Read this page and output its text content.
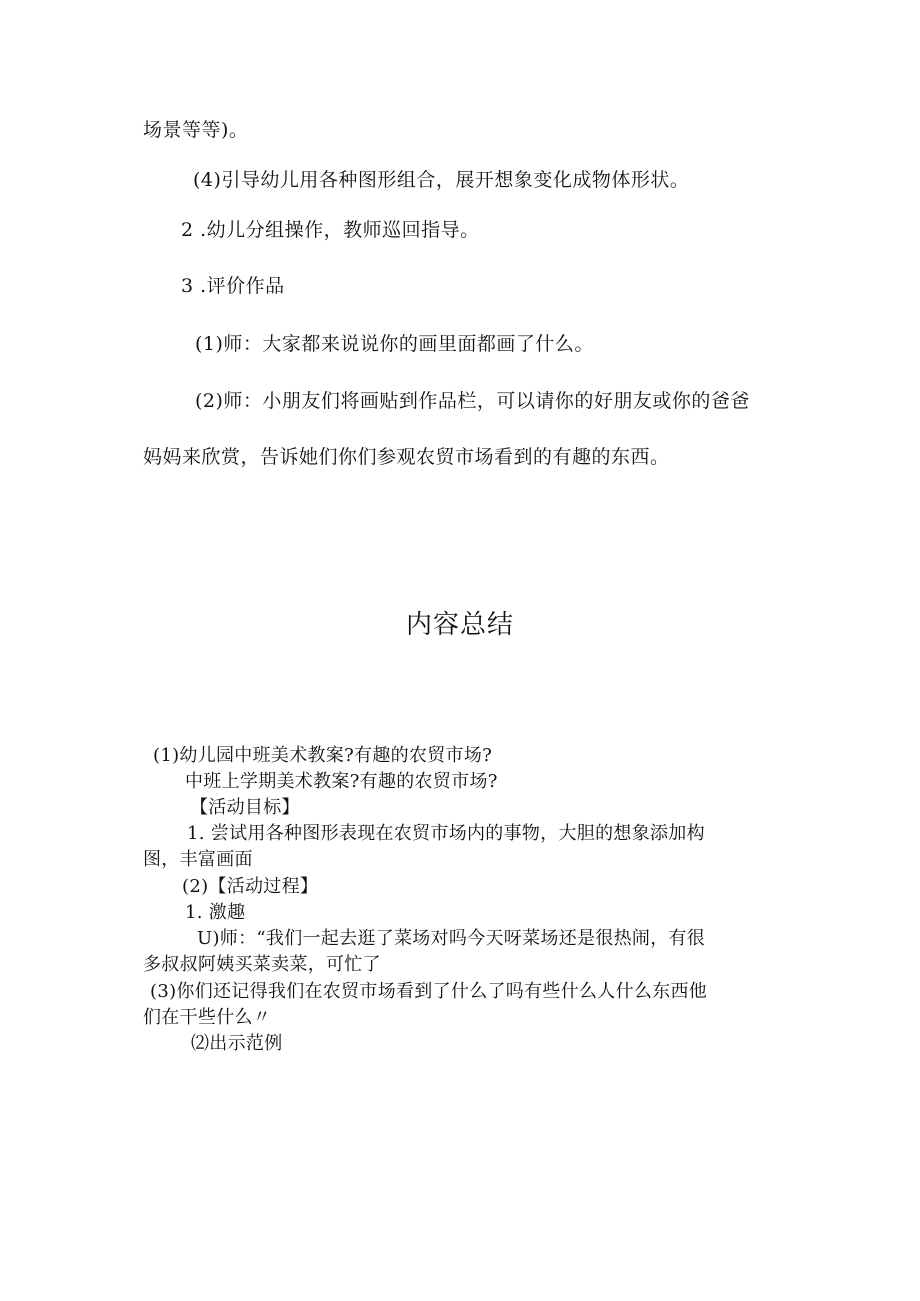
场景等等)。
(4)引导幼儿用各种图形组合，展开想象变化成物体形状。
2 .幼儿分组操作，教师巡回指导。
3 .评价作品
(1)师：大家都来说说你的画里面都画了什么。
(2)师：小朋友们将画贴到作品栏，可以请你的好朋友或你的爸爸
妈妈来欣赏，告诉她们你们参观农贸市场看到的有趣的东西。
内容总结
(1)幼儿园中班美术教案?有趣的农贸市场?
中班上学期美术教案?有趣的农贸市场?
【活动目标】
1. 尝试用各种图形表现在农贸市场内的事物，大胆的想象添加构
图，丰富画面
(2)【活动过程】
1. 激趣
U)师：“我们一起去逛了菜场对吗今天呀菜场还是很热闹，有很
多叔叔阿姨买菜卖菜，可忙了
(3)你们还记得我们在农贸市场看到了什么了吗有些什么人什么东西他
们在干些什么〃
⑵出示范例
